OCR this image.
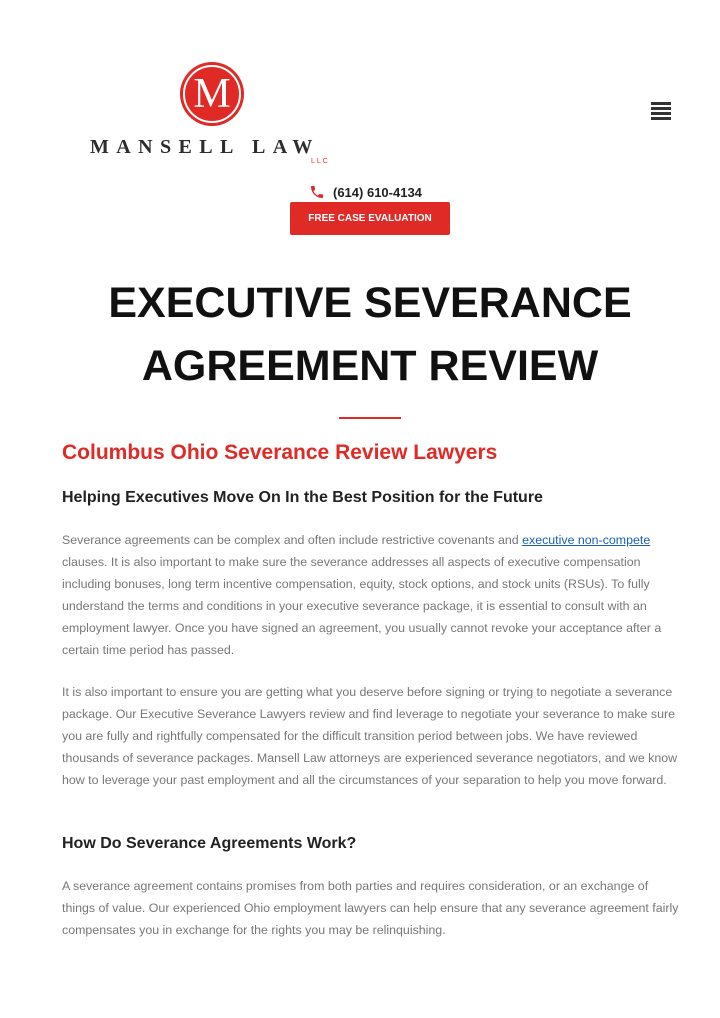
M
MANSELL LAW
LLC
(614) 610-4134
FREE CASE EVALUATION
EXECUTIVE SEVERANCE
AGREEMENT REVIEW
Columbus Ohio Severance Review Lawyers
Helping Executives Move On In the Best Position for the Future

Severance agreements can be complex and often include restrictive covenants and executive non-compete clauses. It is also important to make sure the severance addresses all aspects of executive compensation including bonuses, long term incentive compensation, equity, stock options, and stock units (RSUs). To fully understand the terms and conditions in your executive severance package, it is essential to consult with an employment lawyer. Once you have signed an agreement, you usually cannot revoke your acceptance after a certain time period has passed.

It is also important to ensure you are getting what you deserve before signing or trying to negotiate a severance package. Our Executive Severance Lawyers review and find leverage to negotiate your severance to make sure you are fully and rightfully compensated for the difficult transition period between jobs. We have reviewed thousands of severance packages. Mansell Law attorneys are experienced severance negotiators, and we know how to leverage your past employment and all the circumstances of your separation to help you move forward.

How Do Severance Agreements Work?

A severance agreement contains promises from both parties and requires consideration, or an exchange of things of value. Our experienced Ohio employment lawyers can help ensure that any severance agreement fairly compensates you in exchange for the rights you may be relinquishing.
